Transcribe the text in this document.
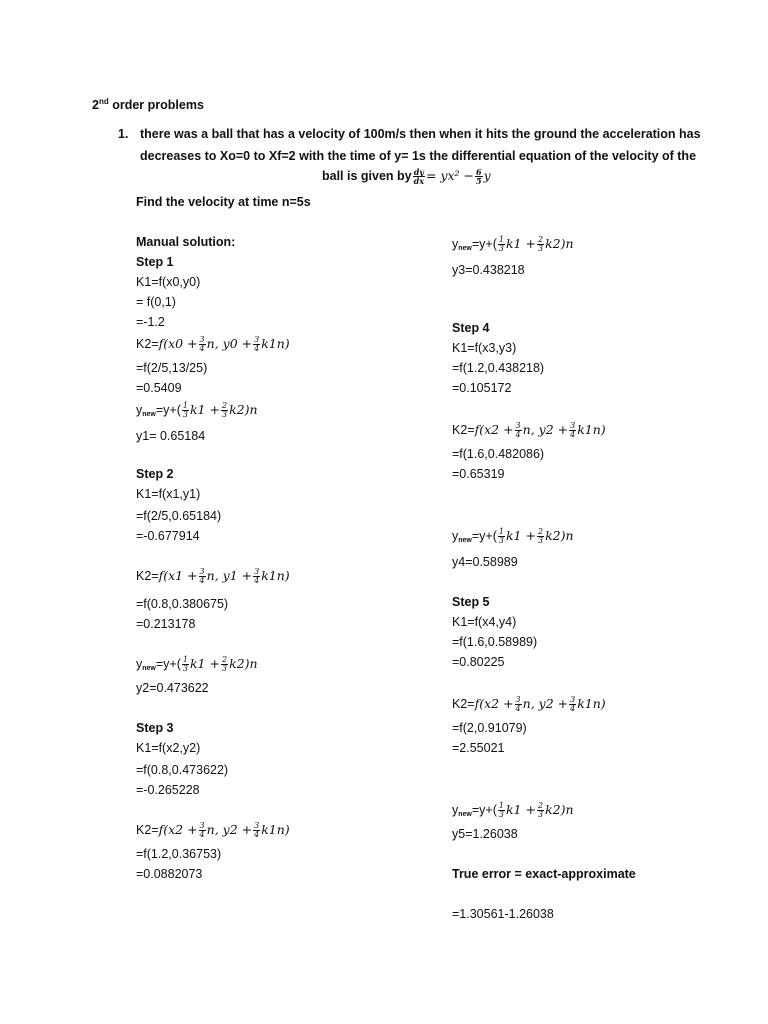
2nd order problems
1. there was a ball that has a velocity of 100m/s then when it hits the ground the acceleration has
decreases to Xo=0 to Xf=2 with the time of y= 1s the differential equation of the velocity of the
ball is given by $\frac{dy}{dx} = yx^2 - \frac{6}{5}$ y
Find the velocity at time n=5s
Manual solution:
Step 1
K1=f(x0,y0)
= f(0,1)
=-1.2
$K2=f(x0 + \frac{3}{4} n$, $y0 + \frac{3}{4} k1n$)
=f(2/5,13/25)
=0.5409
$y_{new}=y+( \frac{1}{3} k1 + \frac{2}{3} k2)n$
y1= 0.65184
Step 2
K1=f(x1,y1)
=f(2/5,0.65184)
=-0.677914
$K2=f(x1 + \frac{3}{4} n$, $y1 + \frac{3}{4} k1n$)
=f(0.8,0.380675)
=0.213178
$y_{new}=y+( \frac{1}{3} k1 + \frac{2}{3} k2)n$
y2=0.473622
Step 3
K1=f(x2,y2)
=f(0.8,0.473622)
=-0.265228
$K2=f(x2 + \frac{3}{4} n$, $y2 + \frac{3}{4} k1n$)
=f(1.2,0.36753)
=0.0882073
$y_{new}=y+( \frac{1}{3} k1 + \frac{2}{3} k2)n$
y3=0.438218
Step 4
K1=f(x3,y3)
=f(1.2,0.438218)
=0.105172
$K2=f(x2 + \frac{3}{4} n$, $y2 + \frac{3}{4} k1n$)
=f(1.6,0.482086)
=0.65319
$y_{new}=y+( \frac{1}{3} k1 + \frac{2}{3} k2)n$
y4=0.58989
Step 5
K1=f(x4,y4)
=f(1.6,0.58989)
=0.80225
$K2=f(x2 + \frac{3}{4} n$, $y2 + \frac{3}{4} k1n$)
=f(2,0.91079)
=2.55021
$y_{new}=y+( \frac{1}{3} k1 + \frac{2}{3} k2)n$
y5=1.26038
True error = exact-approximate
=1.30561-1.26038
